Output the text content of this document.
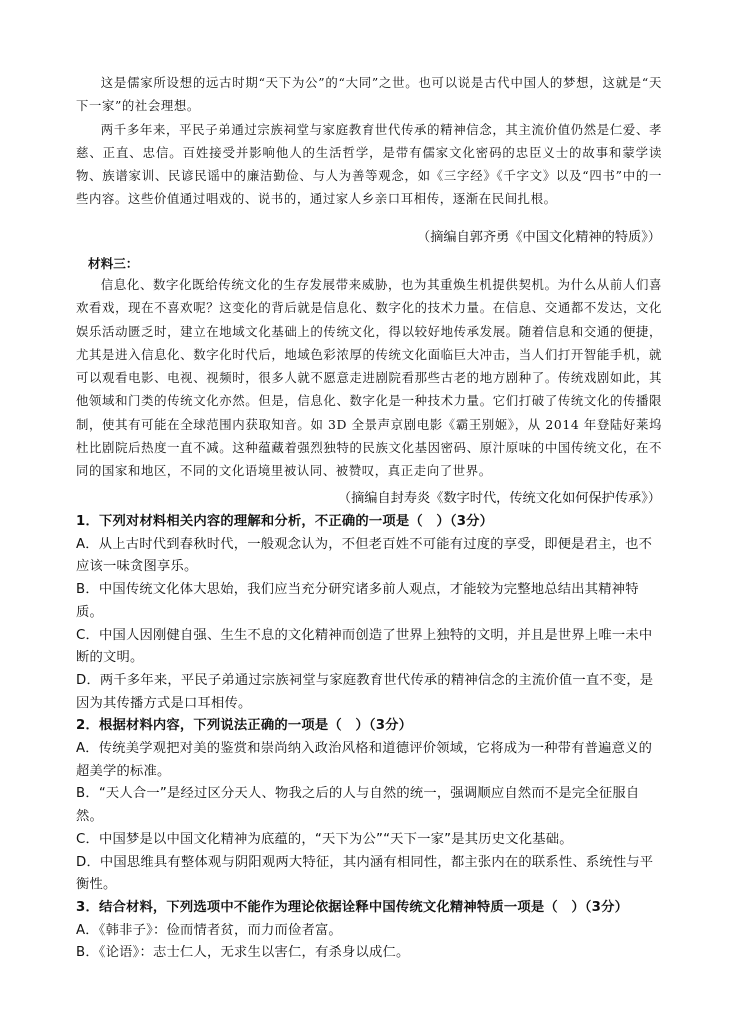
这是儒家所设想的远古时期“天下为公”的“大同”之世。也可以说是古代中国人的梦想，这就是“天下一家”的社会理想。

两千多年来，平民子弟通过宗族祠堂与家庭教育世代传承的精神信念，其主流价值仍然是仁爱、孝慈、正直、忠信。百姓接受并影响他人的生活哲学，是带有儒家文化密码的忠臣义士的故事和蒙学读物、族谱家训、民谚民谣中的廉洁勤俭、与人为善等观念，如《三字经》《千字文》以及“四书”中的一些内容。这些价值通过唱戏的、说书的，通过家人乡亲口耳相传，逐渐在民间扎根。

（摘编自郭齐勇《中国文化精神的特质》）
材料三：

信息化、数字化既给传统文化的生存发展带来威胁，也为其重焕生机提供契机。为什么从前人们喜欢看戏，现在不喜欢呢？这变化的背后就是信息化、数字化的技术力量。在信息、交通都不发达，文化娱乐活动匮乏时，建立在地域文化基础上的传统文化，得以较好地传承发展。随着信息和交通的便捷，尤其是进入信息化、数字化时代后，地域色彩浓厚的传统文化面临巨大冲击，当人们打开智能手机，就可以观看电影、电视、视频时，很多人就不愿意走进剧院看那些古老的地方剧种了。传统戏剧如此，其他领域和门类的传统文化亦然。但是，信息化、数字化是一种技术力量。它们打破了传统文化的传播限制，使其有可能在全球范围内获取知音。如 3D 全景声京剧电影《霸王别姬》，从 2014 年登陆好莱坞杜比剧院后热度一直不减。这种蕴藏着强烈独特的民族文化基因密码、原汁原味的中国传统文化，在不同的国家和地区，不同的文化语境里被认同、被赞叹，真正走向了世界。

（摘编自封寿炎《数字时代，传统文化如何保护传承》）

1．下列对材料相关内容的理解和分析，不正确的一项是（　）（3分）

A．从上古时代到春秋时代，一般观念认为，不但老百姓不可能有过度的享受，即便是君主，也不应该一味贪图享乐。

B．中国传统文化体大思始，我们应当充分研究诸多前人观点，才能较为完整地总结出其精神特质。

C．中国人因刚健自强、生生不息的文化精神而创造了世界上独特的文明，并且是世界上唯一未中断的文明。

D．两千多年来，平民子弟通过宗族祠堂与家庭教育世代传承的精神信念的主流价值一直不变，是因为其传播方式是口耳相传。

2．根据材料内容，下列说法正确的一项是（　）（3分）

A．传统美学观把对美的鉴赏和崇尚纳入政治风格和道德评价领域，它将成为一种带有普遍意义的超美学的标准。

B．“天人合一”是经过区分天人、物我之后的人与自然的统一，强调顺应自然而不是完全征服自然。

C．中国梦是以中国文化精神为底蕴的，“天下为公”“天下一家”是其历史文化基础。

D．中国思维具有整体观与阴阳观两大特征，其内涵有相同性，都主张内在的联系性、系统性与平衡性。

3．结合材料，下列选项中不能作为理论依据诠释中国传统文化精神特质一项是（　）（3分）

A．《韩非子》：俭而情者贫，而力而俭者富。

B．《论语》：志士仁人，无求生以害仁，有杀身以成仁。
